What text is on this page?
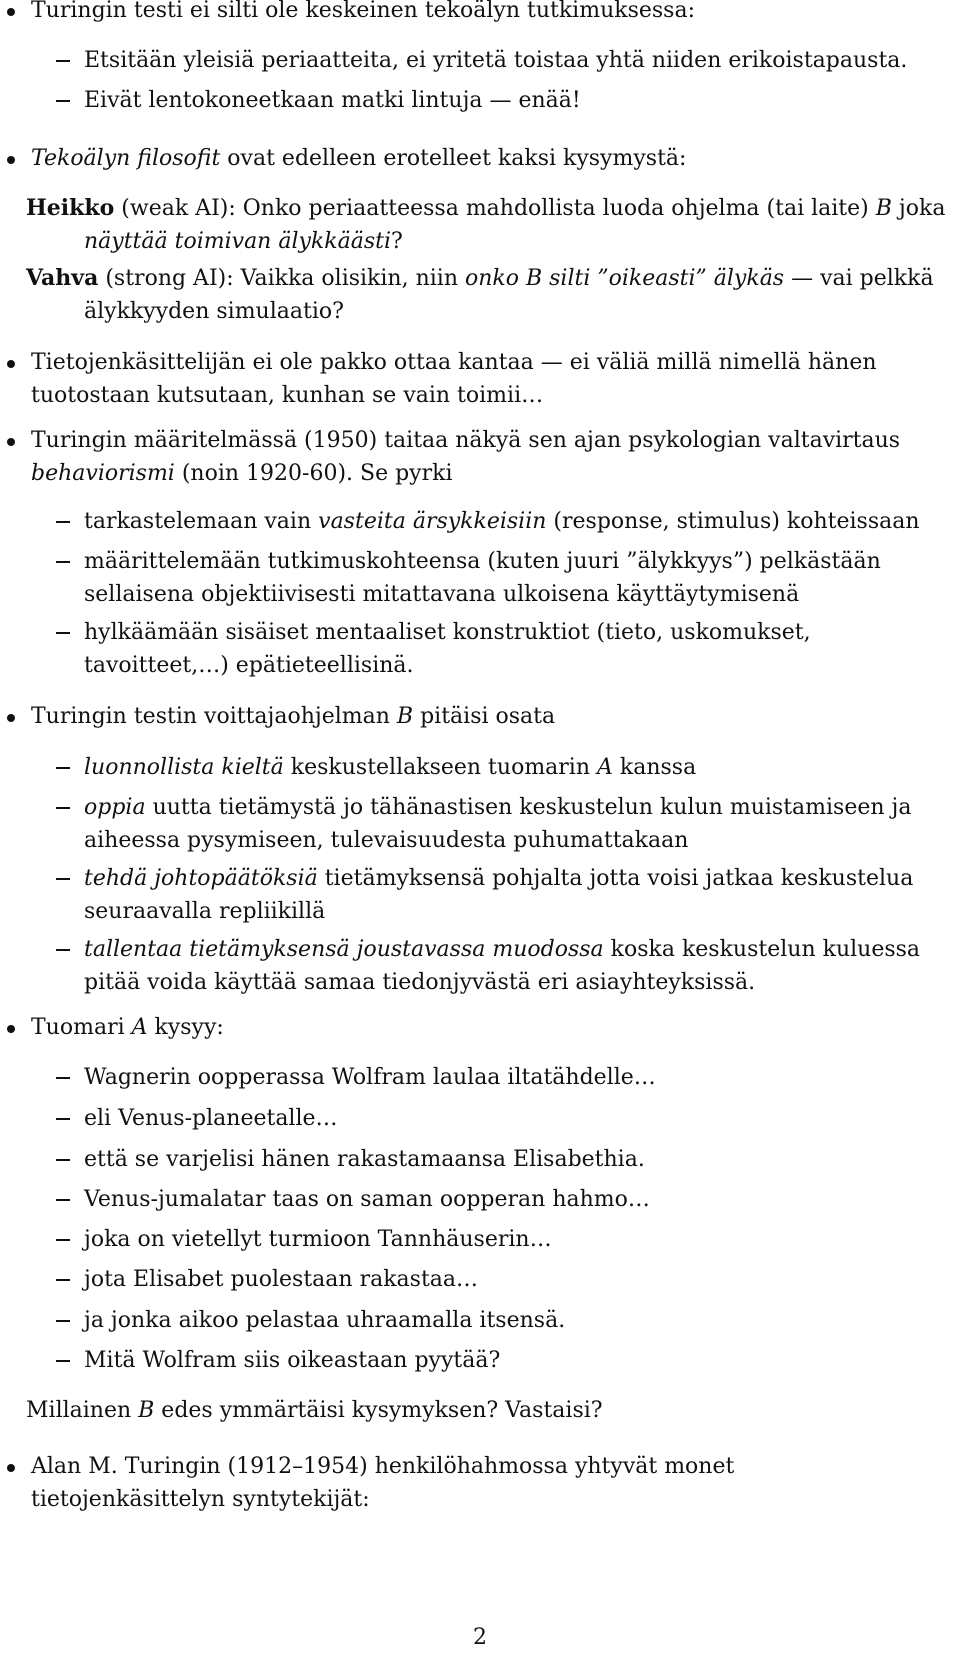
Turingin testi ei silti ole keskeinen tekoälyn tutkimuksessa:
Etsitään yleisiä periaatteita, ei yritetä toistaa yhtä niiden erikoistapausta.
Eivät lentokoneetkaan matki lintuja — enää!
Tekoälyn filosofit ovat edelleen erotelleet kaksi kysymystä:
Heikko (weak AI): Onko periaatteessa mahdollista luoda ohjelma (tai laite) B joka näyttää toimivan älykkäästi?
Vahva (strong AI): Vaikka olisikin, niin onko B silti ”oikeasti” älykäs — vai pelkkä älykkyyden simulaatio?
Tietojenkäsittelijän ei ole pakko ottaa kantaa — ei väliä millä nimellä hänen tuotostaan kutsutaan, kunhan se vain toimii…
Turingin määritelmässä (1950) taitaa näkyä sen ajan psykologian valtavirtaus behaviorismi (noin 1920-60). Se pyrki
tarkastelemaan vain vasteita ärsykkeisiin (response, stimulus) kohteissaan
määrittelemään tutkimuskohteensa (kuten juuri ”älykkyys”) pelkästään sellaisena objektiivisesti mitattavana ulkoisena käyttäytymisenä
hylkäämään sisäiset mentaaliset konstruktiot (tieto, uskomukset, tavoitteet,…) epätieteellisinä.
Turingin testin voittajaohjelman B pitäisi osata
luonnollista kieltä keskustellakseen tuomarin A kanssa
oppia uutta tietämystä jo tähänastisen keskustelun kulun muistamiseen ja aiheessa pysymiseen, tulevaisuudesta puhumattakaan
tehdä johtopäätöksiä tietämyksensä pohjalta jotta voisi jatkaa keskustelua seuraavalla repliikillä
tallentaa tietämyksensä joustavassa muodossa koska keskustelun kuluessa pitää voida käyttää samaa tiedonjyvästä eri asiayhteyksissä.
Tuomari A kysyy:
Wagnerin oopperassa Wolfram laulaa iltatähdelle…
eli Venus-planeetalle…
että se varjelisi hänen rakastamaansa Elisabethia.
Venus-jumalatar taas on saman oopperan hahmo…
joka on vietellyt turmioon Tannhäuserin…
jota Elisabet puolestaan rakastaa…
ja jonka aikoo pelastaa uhraamalla itsensä.
Mitä Wolfram siis oikeastaan pyytää?
Millainen B edes ymmärtäisi kysymyksen? Vastaisi?
Alan M. Turingin (1912–1954) henkilöhahmossa yhtyvät monet tietojenkäsittelyn syntytekijät:
2
